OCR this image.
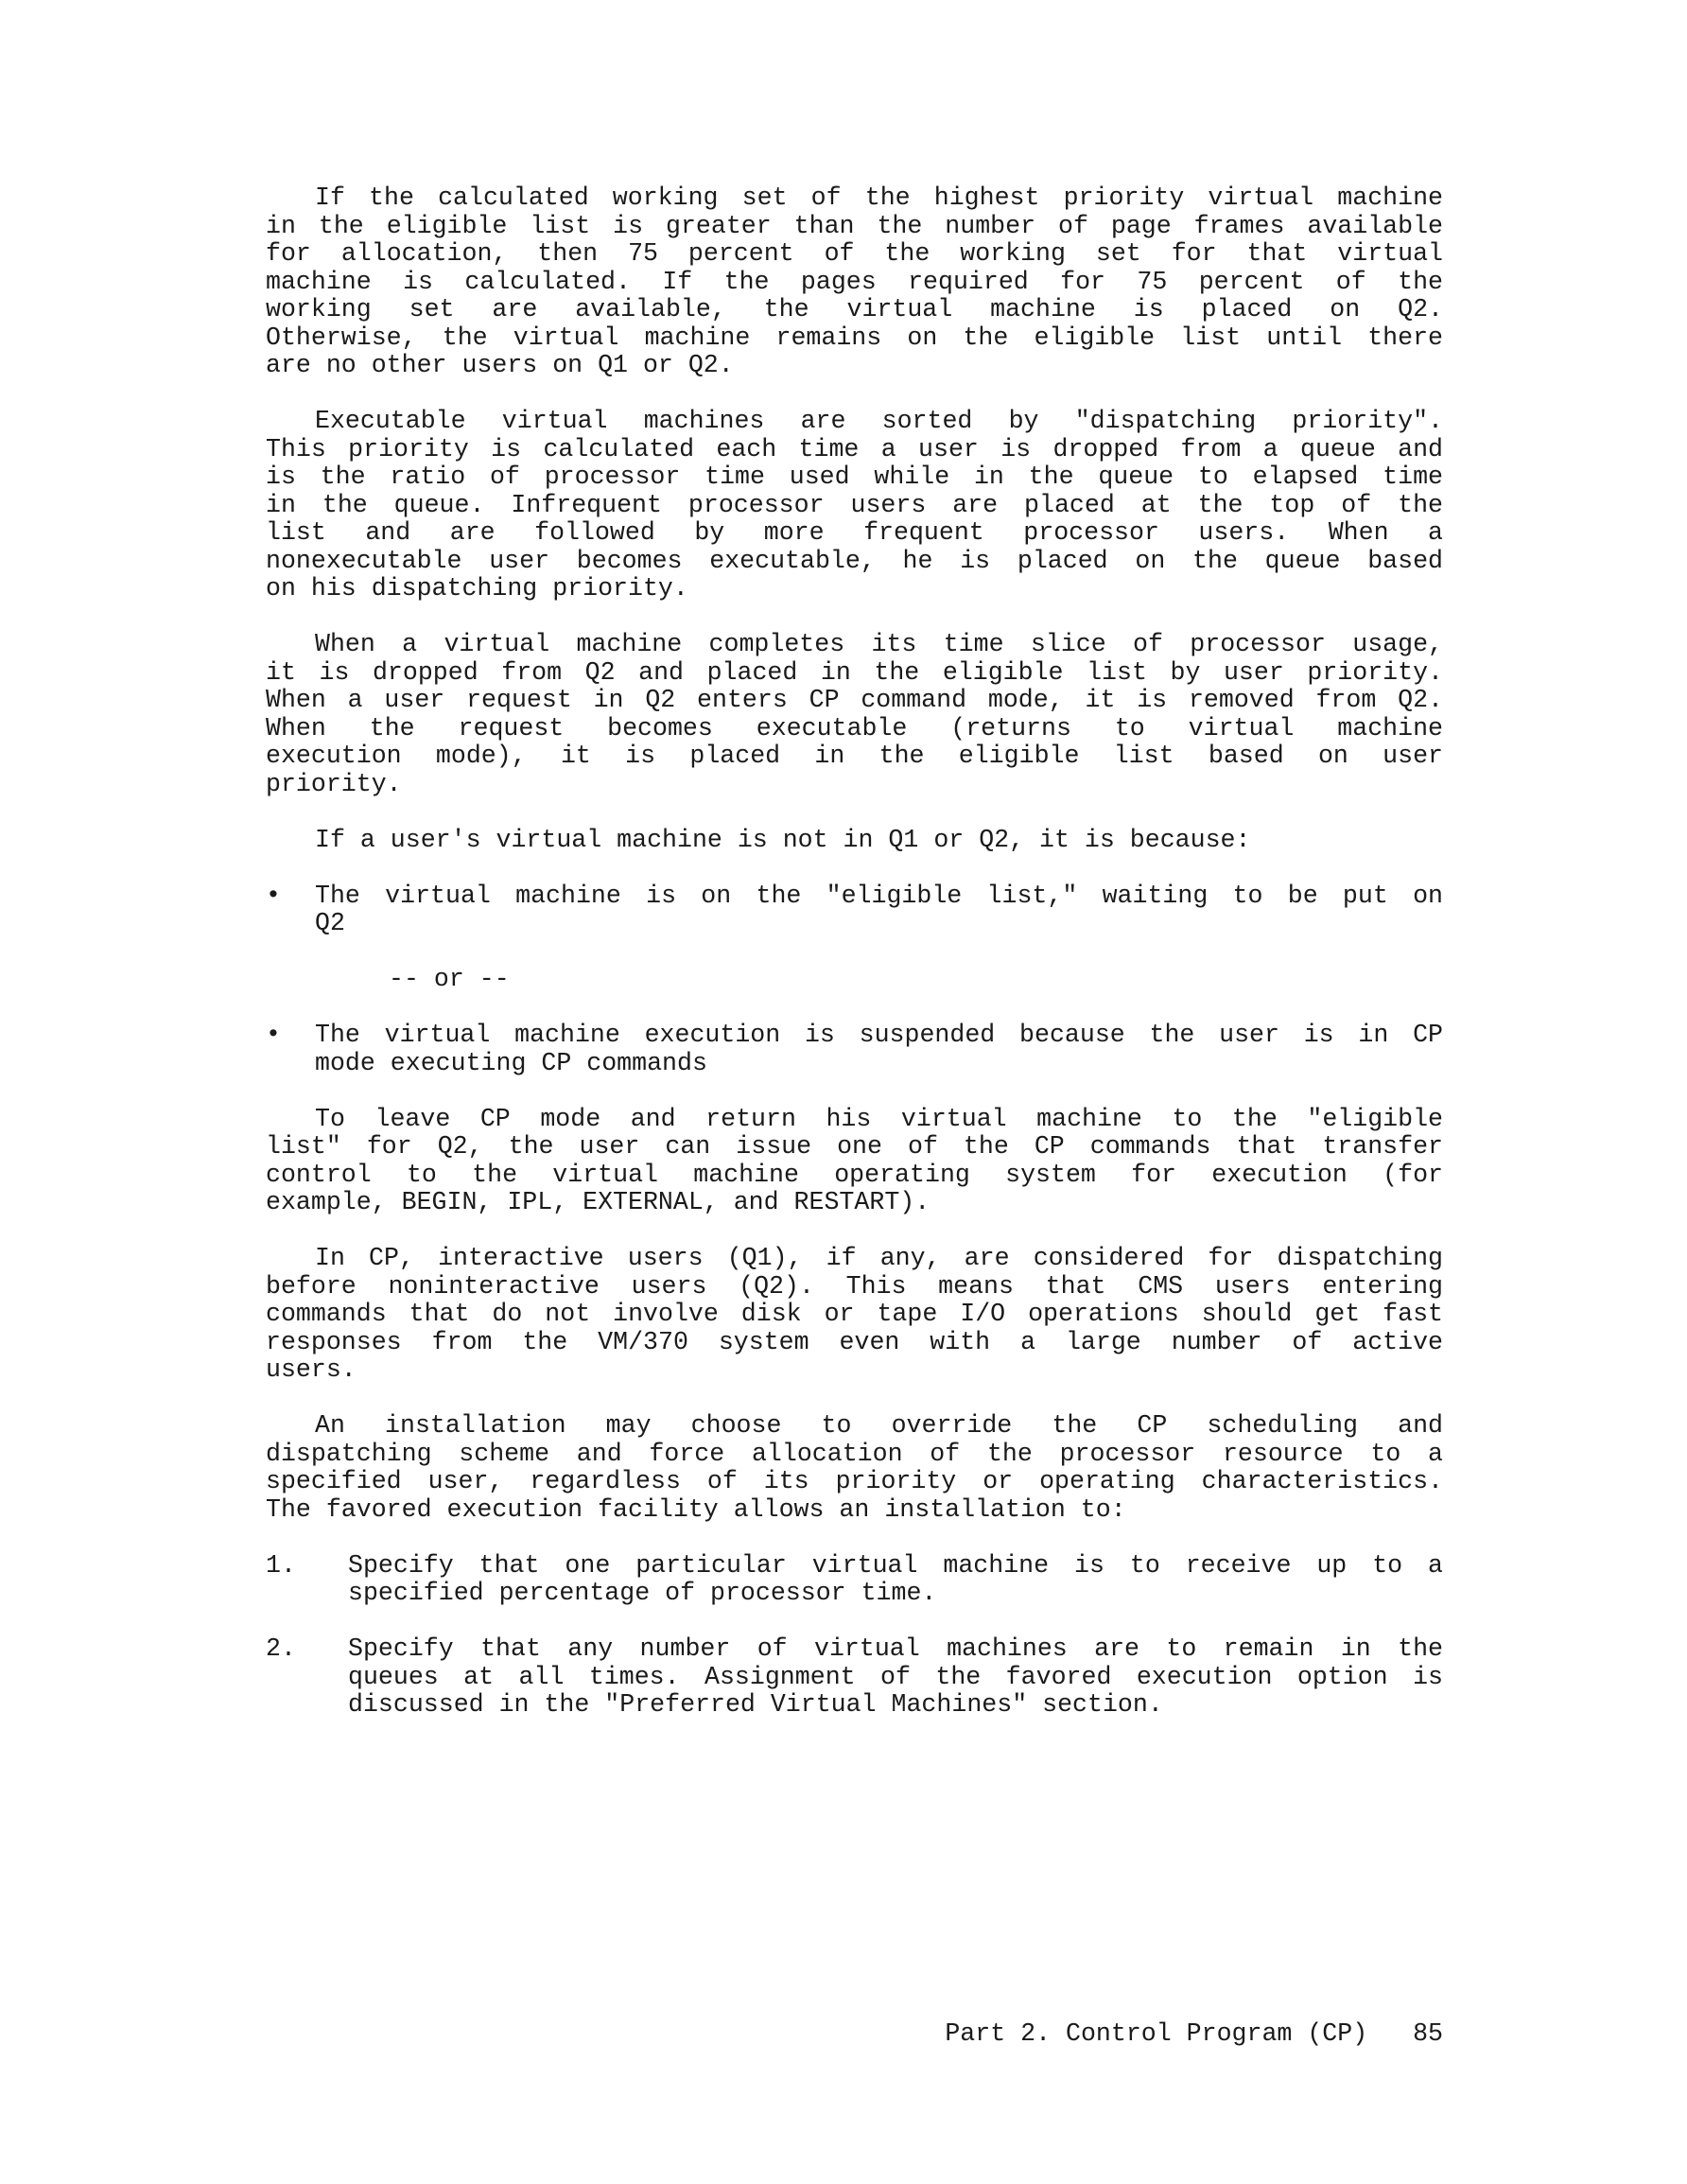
If the calculated working set of the highest priority virtual machine
in the eligible list is greater than the number of page frames available
for allocation, then 75 percent of the working set for that virtual
machine is calculated. If the pages required for 75 percent of the
working set are available, the virtual machine is placed on Q2.
Otherwise, the virtual machine remains on the eligible list until there
are no other users on Q1 or Q2.
Executable virtual machines are sorted by "dispatching priority".
This priority is calculated each time a user is dropped from a queue and
is the ratio of processor time used while in the queue to elapsed time
in the queue. Infrequent processor users are placed at the top of the
list and are followed by more frequent processor users. When a
nonexecutable user becomes executable, he is placed on the queue based
on his dispatching priority.
When a virtual machine completes its time slice of processor usage,
it is dropped from Q2 and placed in the eligible list by user priority.
When a user request in Q2 enters CP command mode, it is removed from Q2.
When the request becomes executable (returns to virtual machine
execution mode), it is placed in the eligible list based on user
priority.
If a user's virtual machine is not in Q1 or Q2, it is because:
• The virtual machine is on the "eligible list," waiting to be put on
Q2
-- or --
• The virtual machine execution is suspended because the user is in CP
mode executing CP commands
To leave CP mode and return his virtual machine to the "eligible
list" for Q2, the user can issue one of the CP commands that transfer
control to the virtual machine operating system for execution (for
example, BEGIN, IPL, EXTERNAL, and RESTART).
In CP, interactive users (Q1), if any, are considered for dispatching
before noninteractive users (Q2). This means that CMS users entering
commands that do not involve disk or tape I/O operations should get fast
responses from the VM/370 system even with a large number of active
users.
An installation may choose to override the CP scheduling and
dispatching scheme and force allocation of the processor resource to a
specified user, regardless of its priority or operating characteristics.
The favored execution facility allows an installation to:
1.	Specify that one particular virtual machine is to receive up to a
specified percentage of processor time.
2.	Specify that any number of virtual machines are to remain in the
queues at all times. Assignment of the favored execution option is
discussed in the "Preferred Virtual Machines" section.
Part 2. Control Program (CP) 85
